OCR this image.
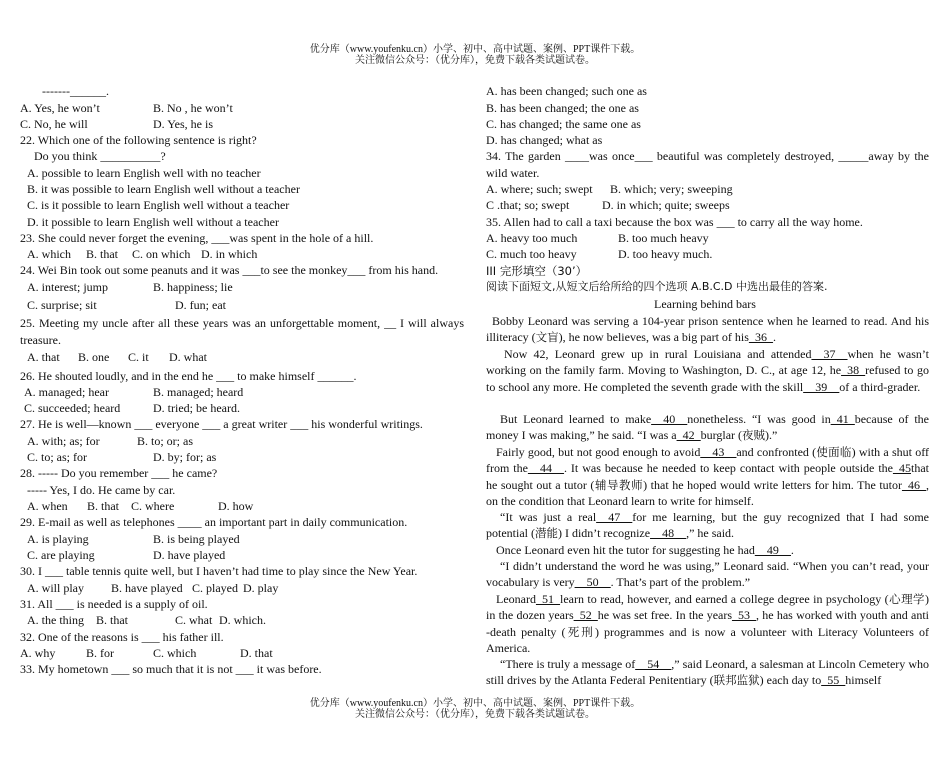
优分库（www.youfenku.cn）小学、初中、高中试题、案例、PPT课件下载。
关注微信公众号：（优分库），免费下载各类试题试卷。
-------______.
A. Yes, he won’t	B. No , he won’t
C. No, he will	D. Yes, he is
22. Which one of the following sentence is right?
Do you think __________?
A. possible to learn English well with no teacher
B. it was possible to learn English well without a teacher
C. is it possible to learn English well without a teacher
D. it possible to learn English well without a teacher
23. She could never forget the evening, ___was spent in the hole of a hill.
A. which B. that C. on which D. in which
24. Wei Bin took out some peanuts and it was ___to see the monkey___ from his hand.
A. interest; jump	B. happiness; lie
C. surprise; sit	D. fun; eat
25. Meeting my uncle after all these years was an unforgettable moment, __ I will always treasure.
A. that B. one C. it D. what
26. He shouted loudly, and in the end he ___ to make himself ______.
A. managed; hear	B. managed; heard
C. succeeded; heard	D. tried; be heard.
27. He is well—known ___ everyone ___ a great writer ___ his wonderful writings.
A. with; as; for	B. to; or; as
C. to; as; for	D. by; for; as
28. ----- Do you remember ___ he came?
----- Yes, I do. He came by car.
A. when B. that C. where	D. how
29. E-mail as well as telephones ____ an important part in daily communication.
A. is playing	B. is being played
C. are playing	D. have played
30. I ___ table tennis quite well, but I haven’t had time to play since the New Year.
A. will play B. have played C. played D. play
31. All ___ is needed is a supply of oil.
A. the thing B. that	C. what D. which.
32. One of the reasons is ___ his father ill.
A. why	B. for	C. which	D. that
33. My hometown ___ so much that it is not ___ it was before.
A. has been changed; such one as
B. has been changed; the one as
C. has changed; the same one as
D. has changed; what as
34. The garden ____was once___ beautiful was completely destroyed, _____away by the wild water.
A. where; such; swept B. which; very; sweeping
C .that; so; swept	D. in which; quite; sweeps
35. Allen had to call a taxi because the box was ___ to carry all the way home.
A. heavy too much	B. too much heavy
C. much too heavy	D. too heavy much.
III 完形填空（30’）
阅读下面短文,从短文后给所给的四个选项 A.B.C.D 中选出最佳的答案.
Learning behind bars
Bobby Leonard was serving a 104-year prison sentence when he learned to read. And his illiteracy (文盲), he now believes, was a big part of his_36_.
Now 42, Leonard grew up in rural Louisiana and attended__37__when he wasn’t working on the family farm. Moving to Washington, D. C., at age 12, he_38_refused to go to school any more. He completed the seventh grade with the skill__39__of a third-grader.
But Leonard learned to make__40__nonetheless. “I was good in_41_because of the money I was making,” he said. “I was a_42_burglar (夜贼).”
Fairly good, but not good enough to avoid__43__and confronted (使面临) with a shut off from the__44__. It was because he needed to keep contact with people outside the_45that he sought out a tutor (辅导教师) that he hoped would write letters for him. The tutor_46_, on the condition that Leonard learn to write for himself.
“It was just a real__47__for me learning, but the guy recognized that I had some potential (潜能) I didn’t recognize__48__,” he said.
Once Leonard even hit the tutor for suggesting he had__49__.
“I didn’t understand the word he was using,” Leonard said. “When you can’t read, your vocabulary is very__50__. That’s part of the problem.”
Leonard_51_learn to read, however, and earned a college degree in psychology (心理学) in the dozen years_52_he was set free. In the years_53_, he has worked with youth and anti -death penalty (死刑) programmes and is now a volunteer with Literacy Volunteers of America.
“There is truly a message of__54__,” said Leonard, a salesman at Lincoln Cemetery who still drives by the Atlanta Federal Penitentiary (联邦监狱) each day to_55_himself
优分库（www.youfenku.cn）小学、初中、高中试题、案例、PPT课件下载。
关注微信公众号：（优分库），免费下载各类试题试卷。
